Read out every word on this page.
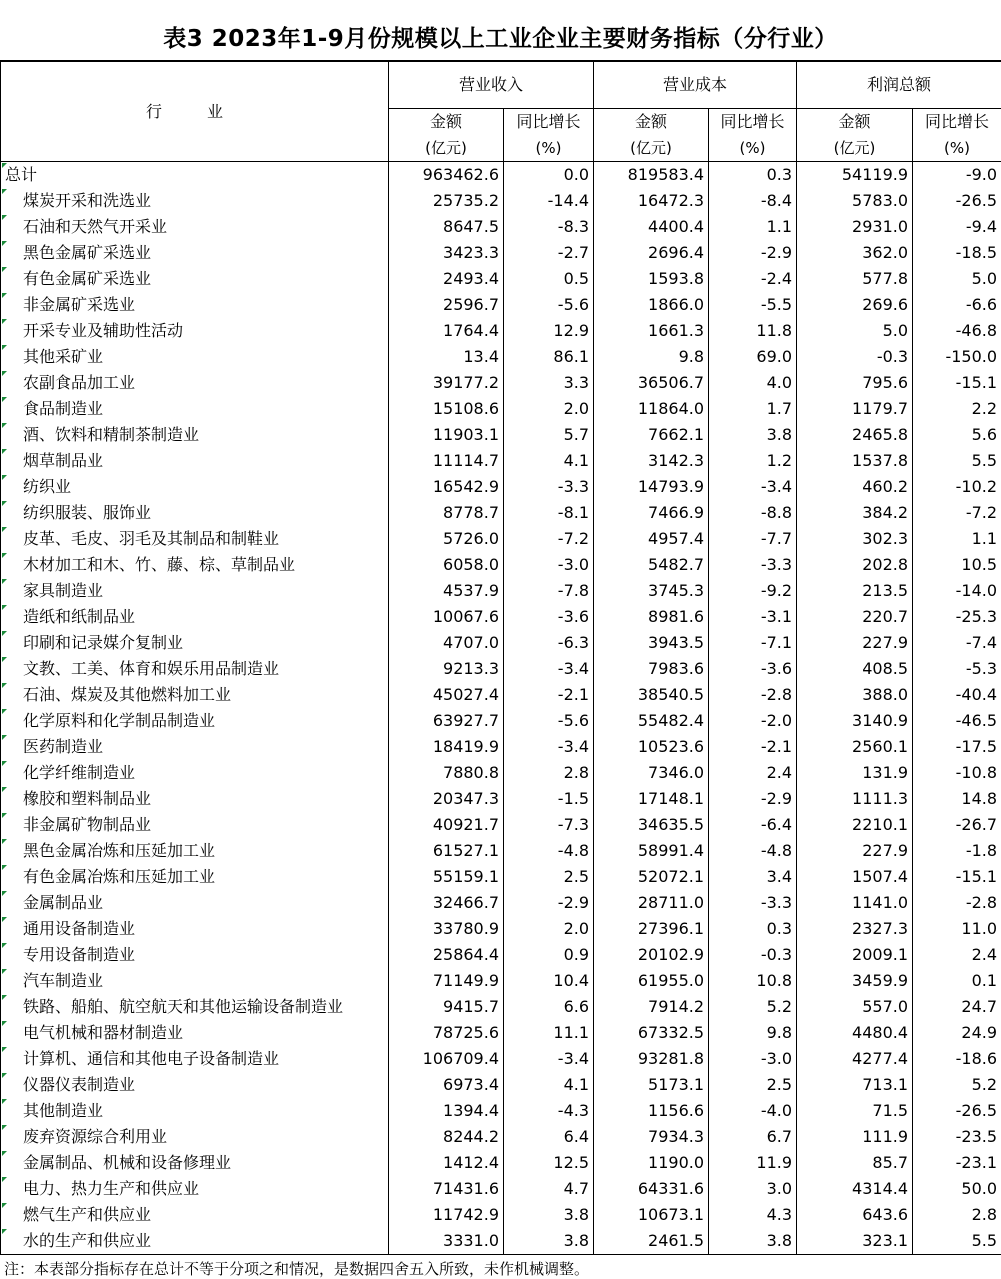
表3 2023年1-9月份规模以上工业企业主要财务指标（分行业）
行 业	营业收入		营业成本		利润总额	
	金额	同比增长	金额	同比增长	金额	同比增长
	(亿元)	(%)	(亿元)	(%)	(亿元)	(%)

总计	963462.6	0.0	819583.4	0.3	54119.9	-9.0

煤炭开采和洗选业	25735.2	-14.4	16472.3	-8.4	5783.0	-26.5

石油和天然气开采业	8647.5	-8.3	4400.4	1.1	2931.0	-9.4

黑色金属矿采选业	3423.3	-2.7	2696.4	-2.9	362.0	-18.5

有色金属矿采选业	2493.4	0.5	1593.8	-2.4	577.8	5.0

非金属矿采选业	2596.7	-5.6	1866.0	-5.5	269.6	-6.6

开采专业及辅助性活动	1764.4	12.9	1661.3	11.8	5.0	-46.8

其他采矿业	13.4	86.1	9.8	69.0	-0.3	-150.0

农副食品加工业	39177.2	3.3	36506.7	4.0	795.6	-15.1

食品制造业	15108.6	2.0	11864.0	1.7	1179.7	2.2

酒、饮料和精制茶制造业	11903.1	5.7	7662.1	3.8	2465.8	5.6

烟草制品业	11114.7	4.1	3142.3	1.2	1537.8	5.5

纺织业	16542.9	-3.3	14793.9	-3.4	460.2	-10.2

纺织服装、服饰业	8778.7	-8.1	7466.9	-8.8	384.2	-7.2

皮革、毛皮、羽毛及其制品和制鞋业	5726.0	-7.2	4957.4	-7.7	302.3	1.1

木材加工和木、竹、藤、棕、草制品业	6058.0	-3.0	5482.7	-3.3	202.8	10.5

家具制造业	4537.9	-7.8	3745.3	-9.2	213.5	-14.0

造纸和纸制品业	10067.6	-3.6	8981.6	-3.1	220.7	-25.3

印刷和记录媒介复制业	4707.0	-6.3	3943.5	-7.1	227.9	-7.4

文教、工美、体育和娱乐用品制造业	9213.3	-3.4	7983.6	-3.6	408.5	-5.3

石油、煤炭及其他燃料加工业	45027.4	-2.1	38540.5	-2.8	388.0	-40.4

化学原料和化学制品制造业	63927.7	-5.6	55482.4	-2.0	3140.9	-46.5

医药制造业	18419.9	-3.4	10523.6	-2.1	2560.1	-17.5

化学纤维制造业	7880.8	2.8	7346.0	2.4	131.9	-10.8

橡胶和塑料制品业	20347.3	-1.5	17148.1	-2.9	1111.3	14.8

非金属矿物制品业	40921.7	-7.3	34635.5	-6.4	2210.1	-26.7

黑色金属冶炼和压延加工业	61527.1	-4.8	58991.4	-4.8	227.9	-1.8

有色金属冶炼和压延加工业	55159.1	2.5	52072.1	3.4	1507.4	-15.1

金属制品业	32466.7	-2.9	28711.0	-3.3	1141.0	-2.8

通用设备制造业	33780.9	2.0	27396.1	0.3	2327.3	11.0

专用设备制造业	25864.4	0.9	20102.9	-0.3	2009.1	2.4

汽车制造业	71149.9	10.4	61955.0	10.8	3459.9	0.1

铁路、船舶、航空航天和其他运输设备制造业	9415.7	6.6	7914.2	5.2	557.0	24.7

电气机械和器材制造业	78725.6	11.1	67332.5	9.8	4480.4	24.9

计算机、通信和其他电子设备制造业	106709.4	-3.4	93281.8	-3.0	4277.4	-18.6

仪器仪表制造业	6973.4	4.1	5173.1	2.5	713.1	5.2

其他制造业	1394.4	-4.3	1156.6	-4.0	71.5	-26.5

废弃资源综合利用业	8244.2	6.4	7934.3	6.7	111.9	-23.5

金属制品、机械和设备修理业	1412.4	12.5	1190.0	11.9	85.7	-23.1

电力、热力生产和供应业	71431.6	4.7	64331.6	3.0	4314.4	50.0

燃气生产和供应业	11742.9	3.8	10673.1	4.3	643.6	2.8

水的生产和供应业	3331.0	3.8	2461.5	3.8	323.1	5.5
注：本表部分指标存在总计不等于分项之和情况，是数据四舍五入所致，未作机械调整。
